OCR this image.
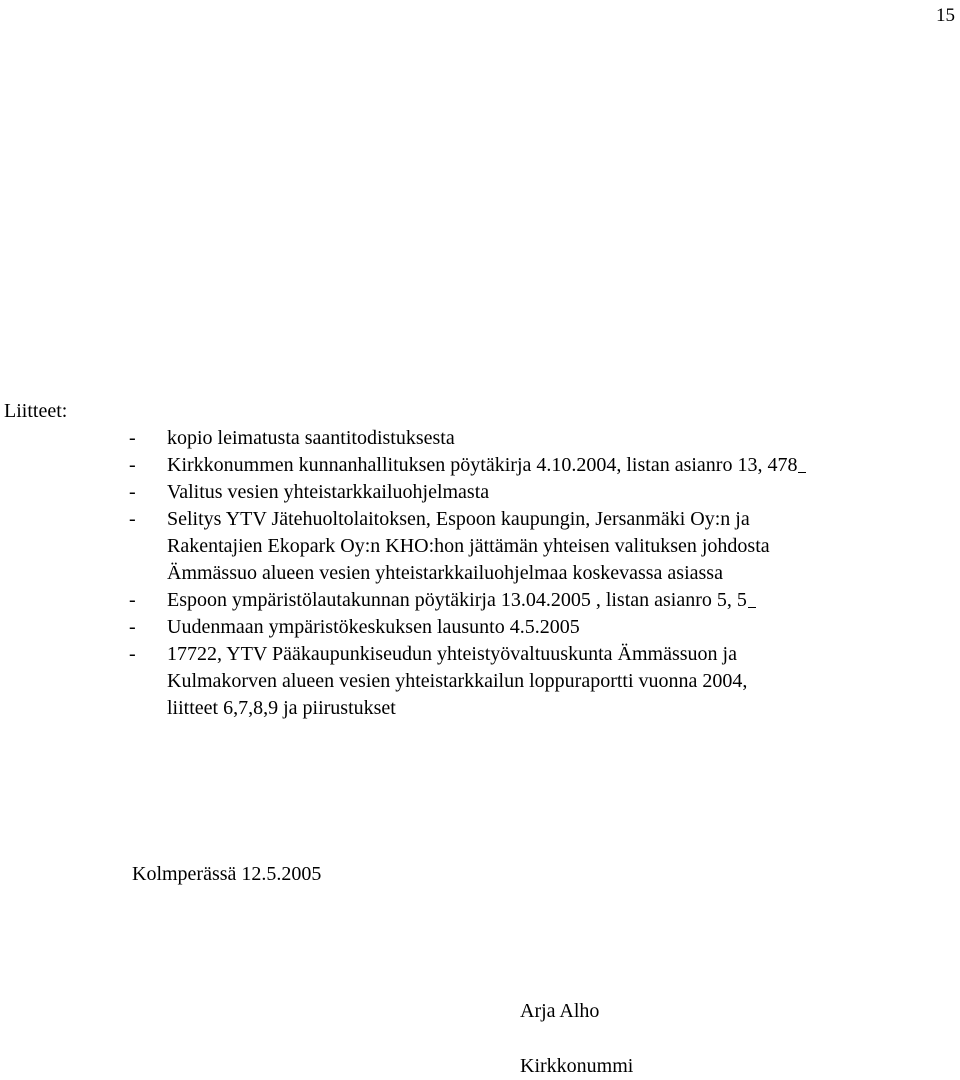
15
Liitteet:
- kopio leimatusta saantitodistuksesta
- Kirkkonummen kunnanhallituksen pöytäkirja 4.10.2004, listan asianro 13, 478
- Valitus vesien yhteistarkkailuohjelmasta
- Selitys YTV Jätehuoltolaitoksen, Espoon kaupungin, Jersanmäki Oy:n ja
Rakentajien Ekopark Oy:n KHO:hon jättämän yhteisen valituksen johdosta
Ämmässuo alueen vesien yhteistarkkailuohjelmaa koskevassa asiassa
- Espoon ympäristölautakunnan pöytäkirja 13.04.2005 , listan asianro 5, 5
- Uudenmaan ympäristökeskuksen lausunto 4.5.2005
- 17722, YTV Pääkaupunkiseudun yhteistyövaltuuskunta Ämmässuon ja
Kulmakorven alueen vesien yhteistarkkailun loppuraportti vuonna 2004,
liitteet 6,7,8,9 ja piirustukset
Kolmperässä 12.5.2005
Arja Alho
Kirkkonummi
